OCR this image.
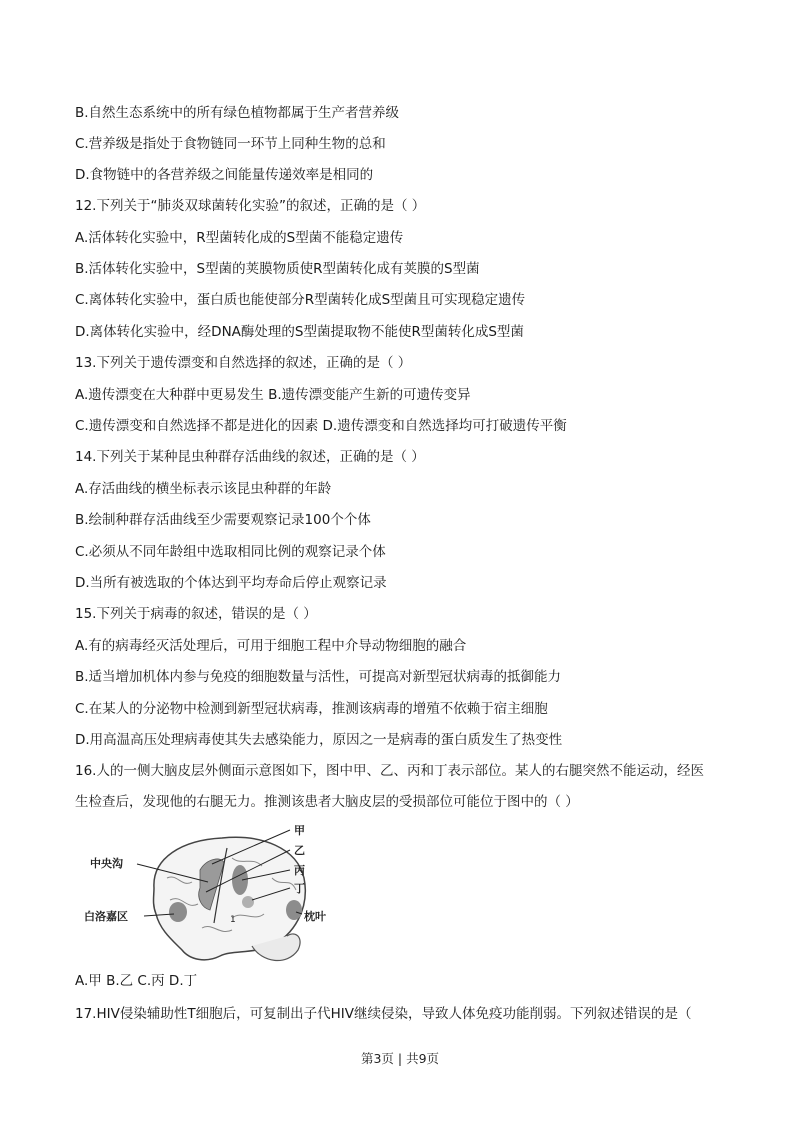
B.自然生态系统中的所有绿色植物都属于生产者营养级
C.营养级是指处于食物链同一环节上同种生物的总和
D.食物链中的各营养级之间能量传递效率是相同的
12.下列关于“肺炎双球菌转化实验”的叙述，正确的是（ ）
A.活体转化实验中，R型菌转化成的S型菌不能稳定遗传
B.活体转化实验中，S型菌的荚膜物质使R型菌转化成有荚膜的S型菌
C.离体转化实验中，蛋白质也能使部分R型菌转化成S型菌且可实现稳定遗传
D.离体转化实验中，经DNA酶处理的S型菌提取物不能使R型菌转化成S型菌
13.下列关于遗传漂变和自然选择的叙述，正确的是（ ）
A.遗传漂变在大种群中更易发生 B.遗传漂变能产生新的可遗传变异
C.遗传漂变和自然选择不都是进化的因素 D.遗传漂变和自然选择均可打破遗传平衡
14.下列关于某种昆虫种群存活曲线的叙述，正确的是（ ）
A.存活曲线的横坐标表示该昆虫种群的年龄
B.绘制种群存活曲线至少需要观察记录100个个体
C.必须从不同年龄组中选取相同比例的观察记录个体
D.当所有被选取的个体达到平均寿命后停止观察记录
15.下列关于病毒的叙述，错误的是（ ）
A.有的病毒经灭活处理后，可用于细胞工程中介导动物细胞的融合
B.适当增加机体内参与免疫的细胞数量与活性，可提高对新型冠状病毒的抵御能力
C.在某人的分泌物中检测到新型冠状病毒，推测该病毒的增殖不依赖于宿主细胞
D.用高温高压处理病毒使其失去感染能力，原因之一是病毒的蛋白质发生了热变性
16.人的一侧大脑皮层外侧面示意图如下，图中甲、乙、丙和丁表示部位。某人的右腿突然不能运动，经医
生检查后，发现他的右腿无力。推测该患者大脑皮层的受损部位可能位于图中的（ ）
A.甲 B.乙 C.丙 D.丁
17.HIV侵染辅助性T细胞后，可复制出子代HIV继续侵染，导致人体免疫功能削弱。下列叙述错误的是（
中央沟
白洛嘉区	枕叶
甲
乙
丙
丁
1
第3页 | 共9页
